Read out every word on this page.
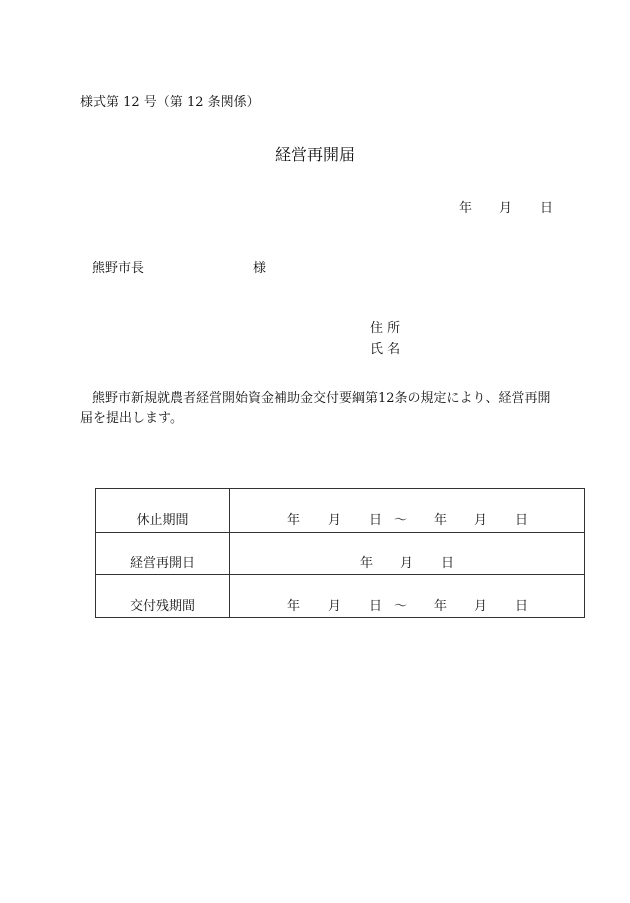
様式第 12 号（第 12 条関係）
経営再開届
年 月 日
熊野市長	様
住 所
氏 名
熊野市新規就農者経営開始資金補助金交付要綱第12条の規定により、経営再開届を提出します。
休止期間	年 月 日 ～ 年 月 日
経営再開日	年 月 日
交付残期間	年 月 日 ～ 年 月 日
